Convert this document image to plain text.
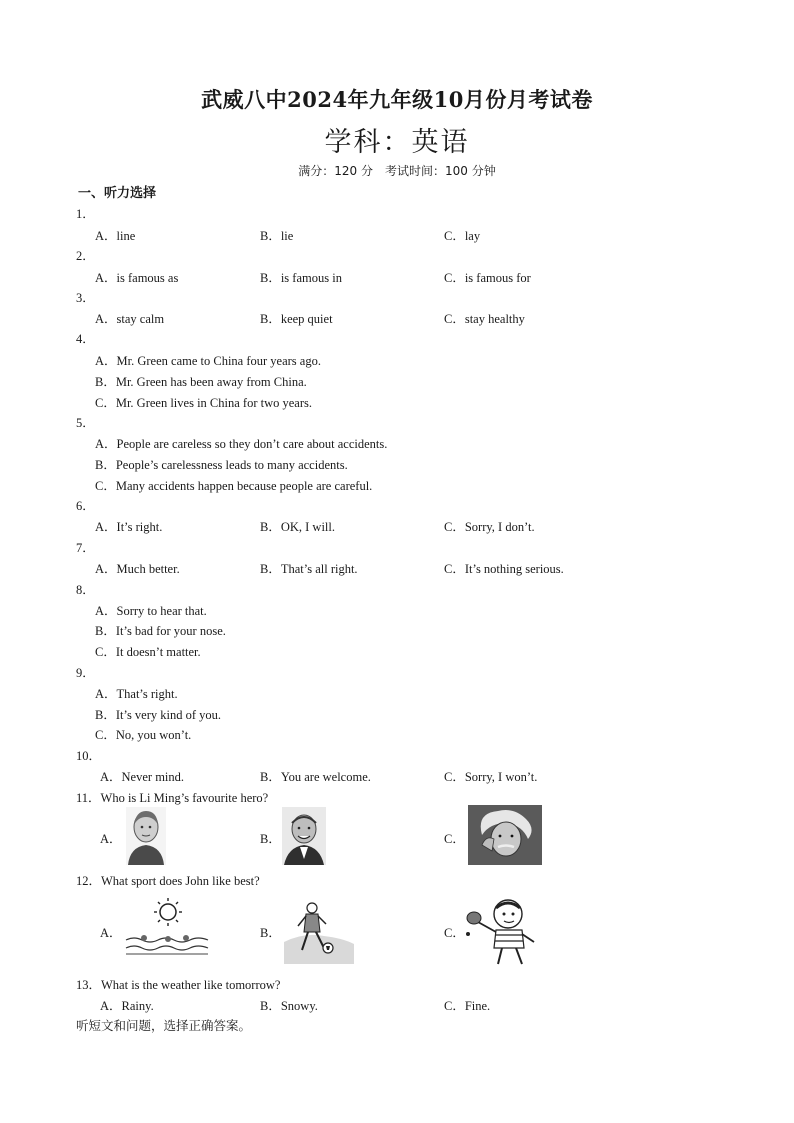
武威八中2024年九年级10月份月考试卷
学科：英语
满分：120 分　考试时间：100 分钟
一、听力选择
1．
A．line	B．lie	C．lay
2．
A．is famous as	B．is famous in	C．is famous for
3．
A．stay calm	B．keep quiet	C．stay healthy
4．
A．Mr. Green came to China four years ago.
B．Mr. Green has been away from China.
C．Mr. Green lives in China for two years.
5．
A．People are careless so they don’t care about accidents.
B．People’s carelessness leads to many accidents.
C．Many accidents happen because people are careful.
6．
A．It’s right.	B．OK, I will.	C．Sorry, I don’t.
7．
A．Much better.	B．That’s all right.	C．It’s nothing serious.
8．
A．Sorry to hear that.
B．It’s bad for your nose.
C．It doesn’t matter.
9．
A．That’s right.
B．It’s very kind of you.
C．No, you won’t.
10．
A．Never mind.	B．You are welcome.	C．Sorry, I won’t.
11．Who is Li Ming’s favourite hero?
A．	B．	C．
12．What sport does John like best?
A．	B．	C．
13．What is the weather like tomorrow?
A．Rainy.	B．Snowy.	C．Fine.
听短文和问题，选择正确答案。
